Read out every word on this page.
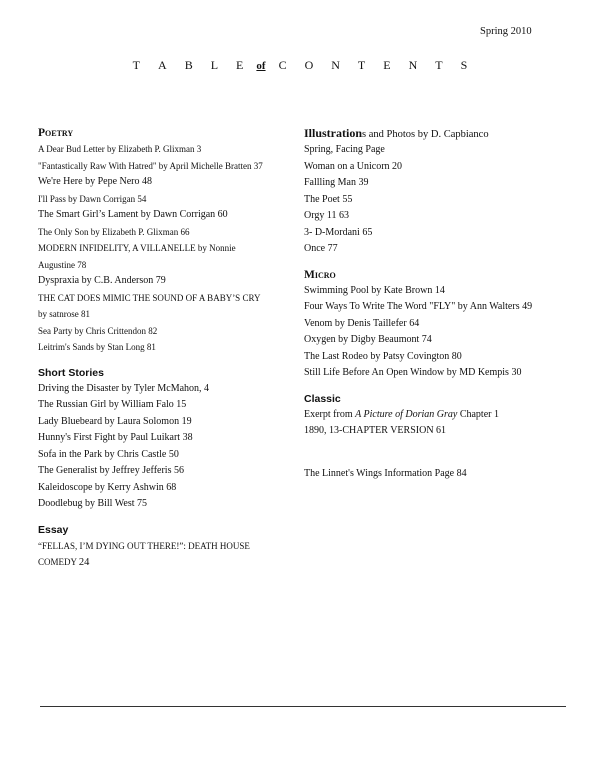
Spring 2010
T A B L E of C O N T E N T S
Poetry
A Dear Bud Letter by Elizabeth P. Glixman 3
"Fantastically Raw With Hatred" by April Michelle Bratten 37
We're Here by Pepe Nero 48
I'll Pass by Dawn Corrigan 54
The Smart Girl’s Lament by Dawn Corrigan 60
The Only Son by Elizabeth P. Glixman 66
MODERN INFIDELITY, A VILLANELLE by Nonnie
Augustine 78
Dyspraxia by C.B. Anderson 79
THE CAT DOES MIMIC THE SOUND OF A BABY’S CRY
by satnrose 81
Sea Party by Chris Crittendon 82
Leitrim's Sands by Stan Long 81
Short Stories
Driving the Disaster by Tyler McMahon, 4
The Russian Girl by William Falo 15
Lady Bluebeard by Laura Solomon 19
Hunny's First Fight by Paul Luikart 38
Sofa in the Park by Chris Castle 50
The Generalist by Jeffrey Jefferis 56
Kaleidoscope by Kerry Ashwin 68
Doodlebug by Bill West 75
Essay
“FELLAS, I’M DYING OUT THERE!”: DEATH HOUSE
COMEDY 24
Illustrations and Photos by D. Capbianco
Spring, Facing Page
Woman on a Unicorn 20
Fallling Man 39
The Poet 55
Orgy 11 63
3- D-Mordani 65
Once 77
Micro
Swimming Pool by Kate Brown 14
Four Ways To Write The Word "FLY" by Ann Walters 49
Venom by Denis Taillefer 64
Oxygen by Digby Beaumont 74
The Last Rodeo by Patsy Covington 80
Still Life Before An Open Window by MD Kempis 30
Classic
Exerpt from A Picture of Dorian Gray Chapter 1
1890, 13-CHAPTER VERSION 61
The Linnet's Wings Information Page 84
